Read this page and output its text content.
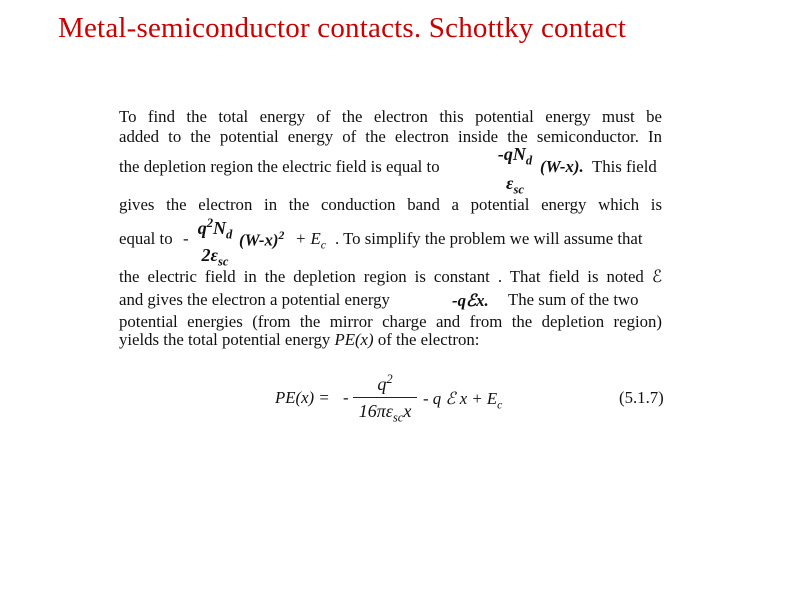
Metal-semiconductor contacts. Schottky contact
To find the total energy of the electron this potential energy must be
added to the potential energy of the electron inside the semiconductor. In
the depletion region the electric field is equal to
$-qN_d$
$\varepsilon_{sc}$
(W-x). This field
gives the electron in the conduction band a potential energy which is
equal to -
$q^2N_d$
$2\varepsilon_{sc}$
$(W-x)^2 + E_c$ . To simplify the problem we will assume that
the electric field in the depletion region is constant . That field is noted ℰ
and gives the electron a potential energy	-qℰx. The sum of the two
potential energies (from the mirror charge and from the depletion region)
yields the total potential energy PE(x) of the electron:
PE(x) = -
$q^2$
$16\pi\varepsilon_{sc}x$
- q ℰ $x + E_c$	(5.1.7)
